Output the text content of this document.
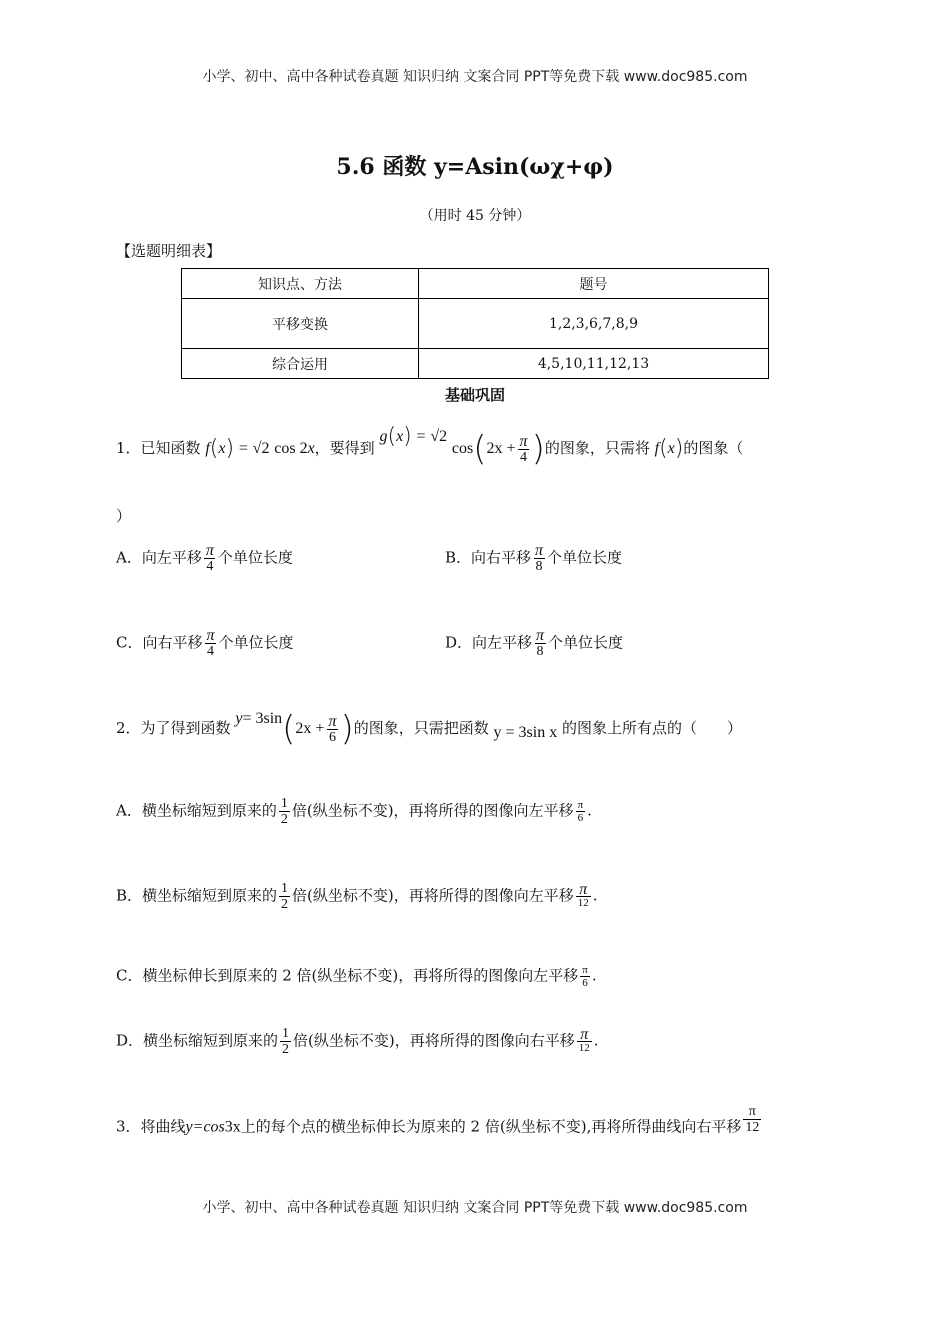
小学、初中、高中各种试卷真题 知识归纳 文案合同 PPT等免费下载 www.doc985.com
5.6 函数 y=Asin(ωχ+φ)
（用时 45 分钟）
【选题明细表】
知识点、方法	题号
平移变换	1,2,3,6,7,8,9
综合运用	4,5,10,11,12,13
基础巩固
1．已知函数 f(x) = √2 cos 2x，要得到 g(x) = √2 $\cos(2x + \frac{\pi}{4}$ )的图象，只需将 f(x)的图象（
）
A．向左平移 $\frac{\pi}{4}$ 个单位长度	B．向右平移 $\frac{\pi}{8}$ 个单位长度
C．向右平移 $\frac{\pi}{4}$ 个单位长度	D．向左平移 $\frac{\pi}{8}$ 个单位长度
2．为了得到函数 $y= 3\sin(2x + \frac{\pi}{6}$ )的图象，只需把函数 y = 3sin x 的图象上所有点的（　　）
A．横坐标缩短到原来的 $\frac{1}{2}$ 倍(纵坐标不变)，再将所得的图像向左平移 $\frac{\pi}{6}$ .
B．横坐标缩短到原来的 $\frac{1}{2}$ 倍(纵坐标不变)，再将所得的图像向左平移 $\frac{\pi}{12}$ .
C．横坐标伸长到原来的 2 倍(纵坐标不变)，再将所得的图像向左平移 $\frac{\pi}{6}$ .
D．横坐标缩短到原来的 $\frac{1}{2}$ 倍(纵坐标不变)，再将所得的图像向右平移 $\frac{\pi}{12}$ .
3．将曲线y=cos3x上的每个点的横坐标伸长为原来的 2 倍(纵坐标不变),再将所得曲线向右平移 $\frac{\pi}{12}$
小学、初中、高中各种试卷真题 知识归纳 文案合同 PPT等免费下载 www.doc985.com
